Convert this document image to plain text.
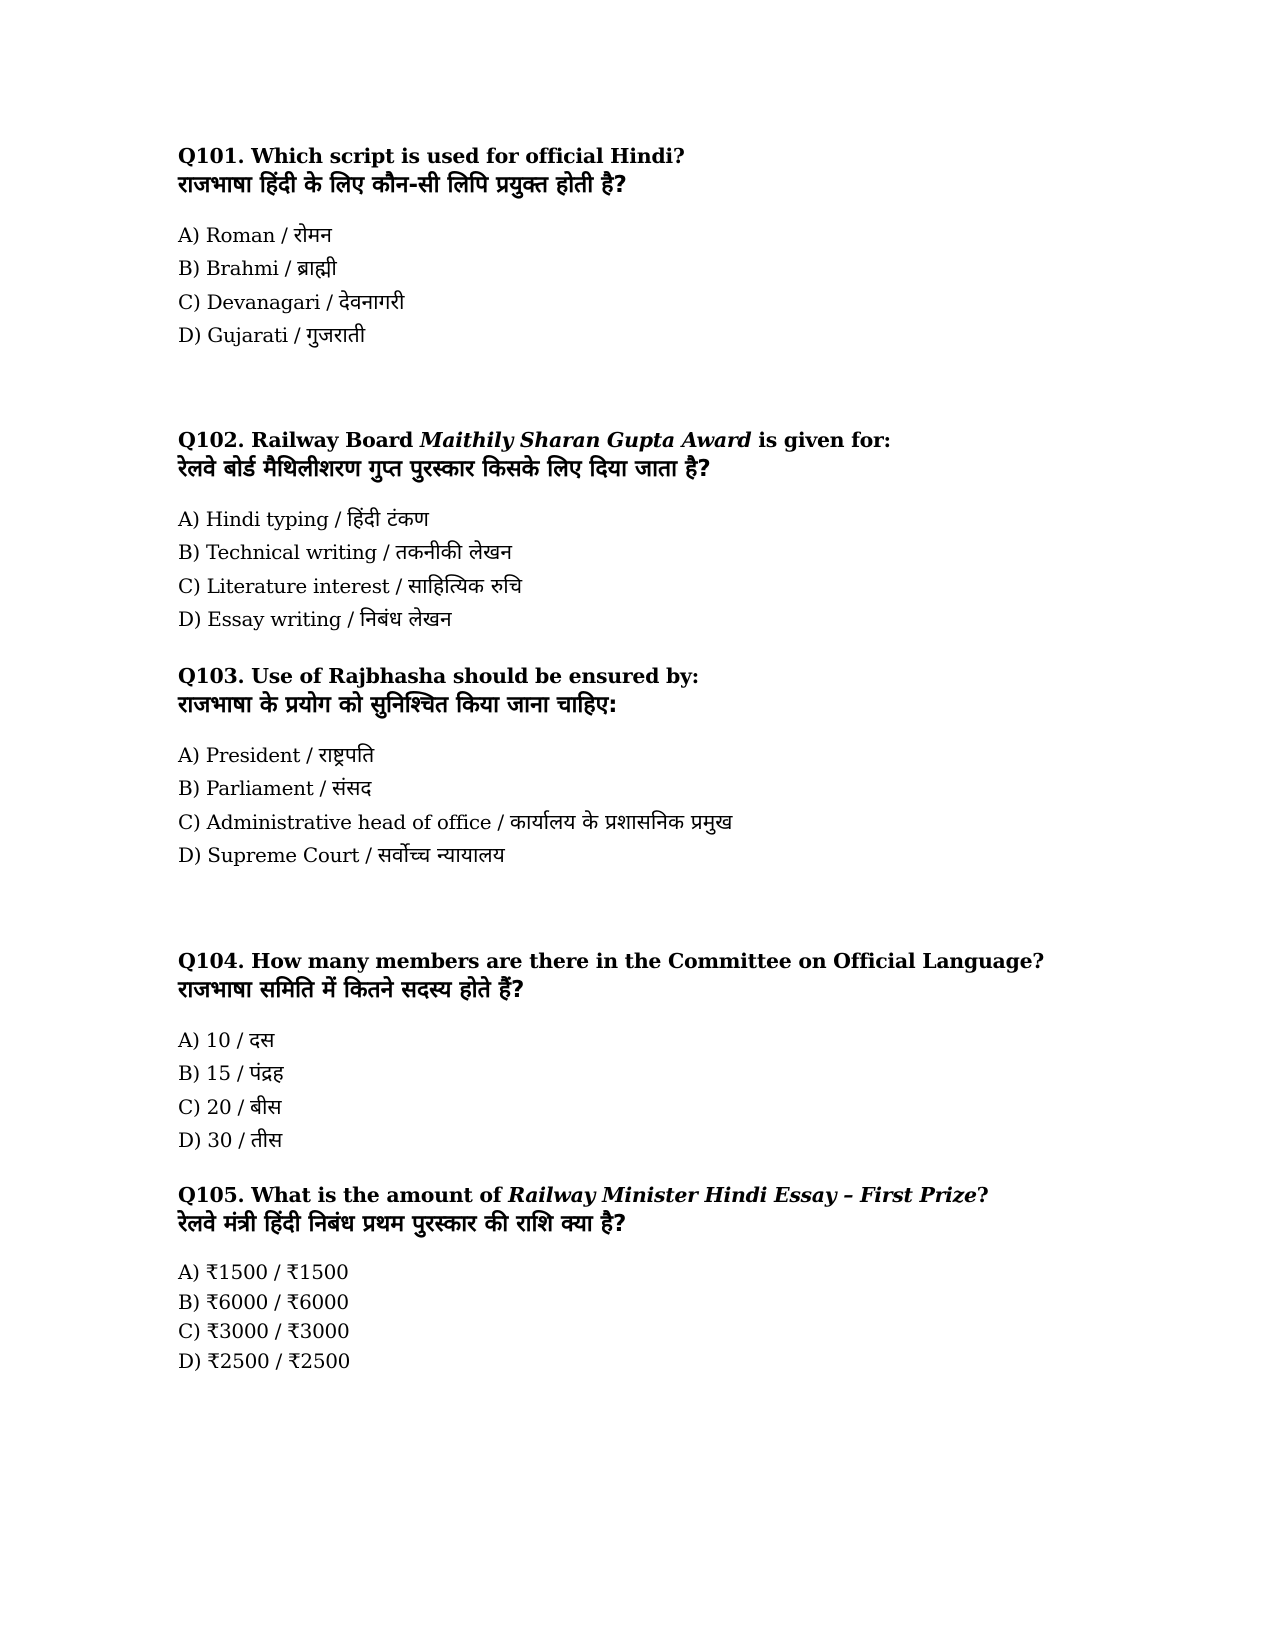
Q101. Which script is used for official Hindi?
राजभाषा हिंदी के लिए कौन-सी लिपि प्रयुक्त होती है?
A) Roman / रोमन
B) Brahmi / ब्राह्मी
C) Devanagari / देवनागरी
D) Gujarati / गुजराती
Q102. Railway Board Maithily Sharan Gupta Award is given for:
रेलवे बोर्ड मैथिलीशरण गुप्त पुरस्कार किसके लिए दिया जाता है?
A) Hindi typing / हिंदी टंकण
B) Technical writing / तकनीकी लेखन
C) Literature interest / साहित्यिक रुचि
D) Essay writing / निबंध लेखन
Q103. Use of Rajbhasha should be ensured by:
राजभाषा के प्रयोग को सुनिश्चित किया जाना चाहिए:
A) President / राष्ट्रपति
B) Parliament / संसद
C) Administrative head of office / कार्यालय के प्रशासनिक प्रमुख
D) Supreme Court / सर्वोच्च न्यायालय
Q104. How many members are there in the Committee on Official Language?
राजभाषा समिति में कितने सदस्य होते हैं?
A) 10 / दस
B) 15 / पंद्रह
C) 20 / बीस
D) 30 / तीस
Q105. What is the amount of Railway Minister Hindi Essay – First Prize?
रेलवे मंत्री हिंदी निबंध प्रथम पुरस्कार की राशि क्या है?
A) ₹1500 / ₹1500
B) ₹6000 / ₹6000
C) ₹3000 / ₹3000
D) ₹2500 / ₹2500
